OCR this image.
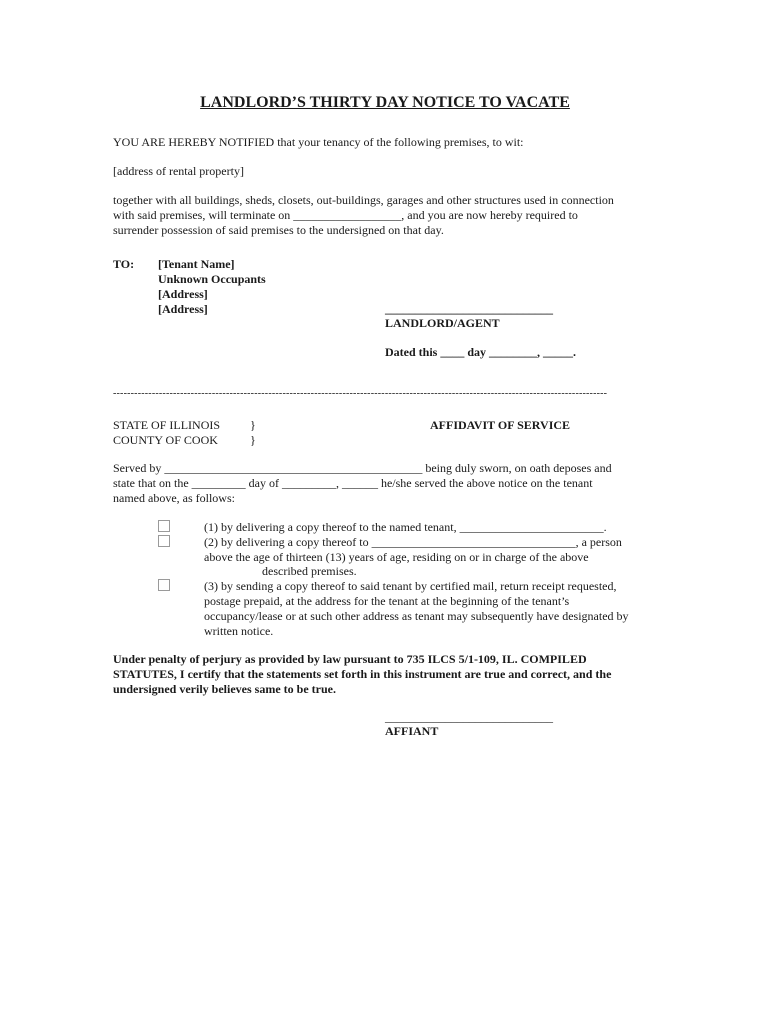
LANDLORD’S THIRTY DAY NOTICE TO VACATE
YOU ARE HEREBY NOTIFIED that your tenancy of the following premises, to wit:
[address of rental property]
together with all buildings, sheds, closets, out-buildings, garages and other structures used in connection
with said premises, will terminate on __________________, and you are now hereby required to
surrender possession of said premises to the undersigned on that day.
TO: [Tenant Name]
Unknown Occupants
[Address]
[Address]	____________________________
LANDLORD/AGENT
Dated this ____ day ________, _____.
--------------------------------------------------------------------------------------------------------------------------------------------
STATE OF ILLINOIS }
COUNTY OF COOK	}
AFFIDAVIT OF SERVICE
Served by ___________________________________________ being duly sworn, on oath deposes and
state that on the _________ day of _________, ______ he/she served the above notice on the tenant
named above, as follows:
(1) by delivering a copy thereof to the named tenant, ________________________.
(2) by delivering a copy thereof to __________________________________, a person
above the age of thirteen (13) years of age, residing on or in charge of the above
described premises.
(3) by sending a copy thereof to said tenant by certified mail, return receipt requested,
postage prepaid, at the address for the tenant at the beginning of the tenant’s
occupancy/lease or at such other address as tenant may subsequently have designated by
written notice.
Under penalty of perjury as provided by law pursuant to 735 ILCS 5/1-109, IL. COMPILED
STATUTES, I certify that the statements set forth in this instrument are true and correct, and the
undersigned verily believes same to be true.
____________________________
AFFIANT
